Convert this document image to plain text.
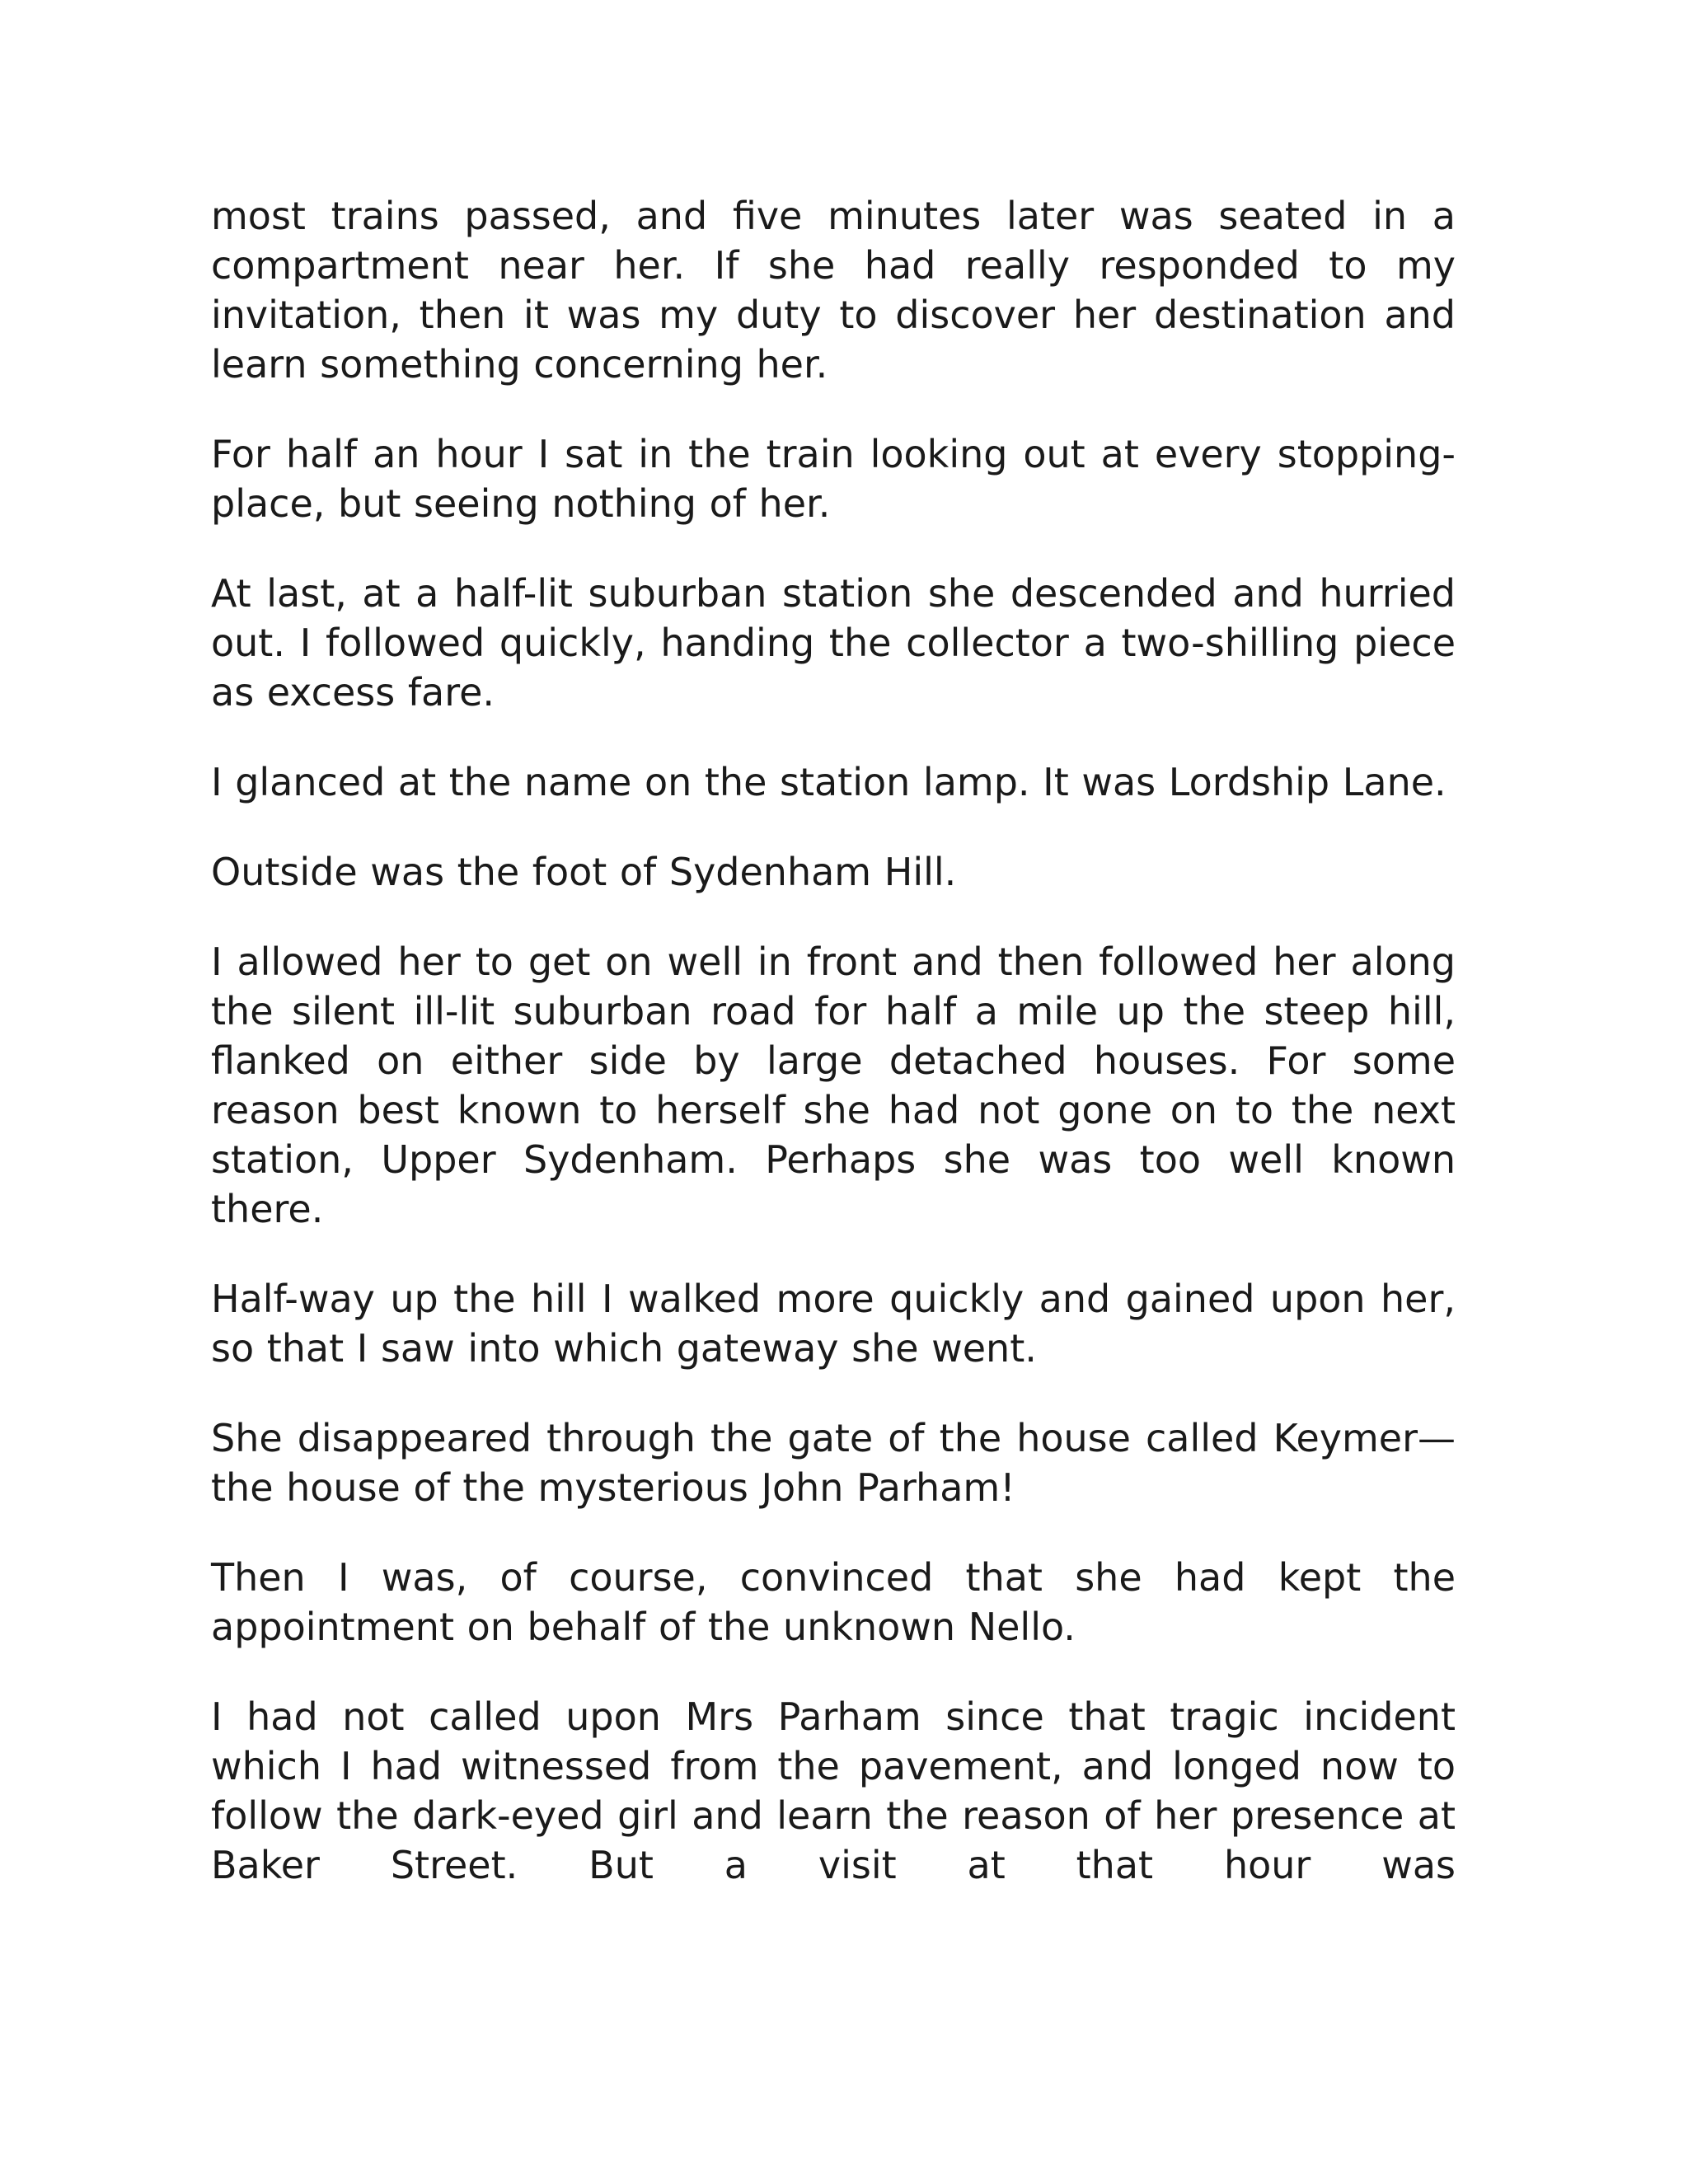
most trains passed, and five minutes later was seated in a compartment near her. If she had really responded to my invitation, then it was my duty to discover her destination and learn something concerning her.

For half an hour I sat in the train looking out at every stopping-place, but seeing nothing of her.

At last, at a half-lit suburban station she descended and hurried out. I followed quickly, handing the collector a two-shilling piece as excess fare.

I glanced at the name on the station lamp. It was Lordship Lane.

Outside was the foot of Sydenham Hill.

I allowed her to get on well in front and then followed her along the silent ill-lit suburban road for half a mile up the steep hill, flanked on either side by large detached houses. For some reason best known to herself she had not gone on to the next station, Upper Sydenham. Perhaps she was too well known there.

Half-way up the hill I walked more quickly and gained upon her, so that I saw into which gateway she went.

She disappeared through the gate of the house called Keymer—the house of the mysterious John Parham!

Then I was, of course, convinced that she had kept the appointment on behalf of the unknown Nello.

I had not called upon Mrs Parham since that tragic incident which I had witnessed from the pavement, and longed now to follow the dark-eyed girl and learn the reason of her presence at Baker Street. But a visit at that hour was
